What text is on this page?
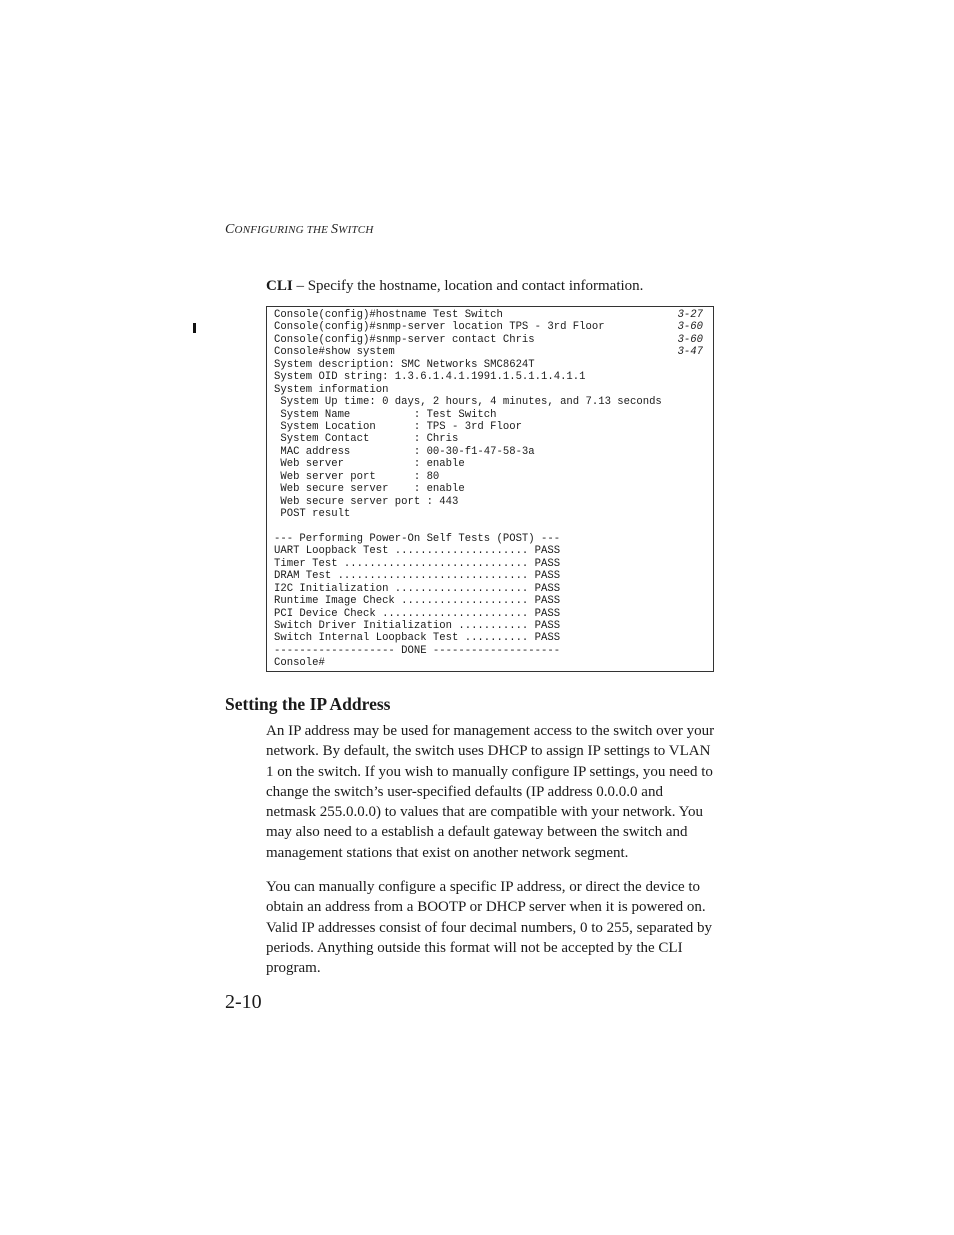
CONFIGURING THE SWITCH

CLI – Specify the hostname, location and contact information.

Console(config)#hostname Test Switch
Console(config)#snmp-server location TPS - 3rd Floor
Console(config)#snmp-server contact Chris
Console#show system
System description: SMC Networks SMC8624T
System OID string: 1.3.6.1.4.1.1991.1.5.1.1.4.1.1
System information
System Up time: 0 days, 2 hours, 4 minutes, and 7.13 seconds
System Name          : Test Switch
System Location      : TPS - 3rd Floor
System Contact       : Chris
MAC address          : 00-30-f1-47-58-3a
Web server           : enable
Web server port      : 80
Web secure server    : enable
Web secure server port : 443
POST result
--- Performing Power-On Self Tests (POST) ---
UART Loopback Test ..................... PASS
Timer Test ............................. PASS
DRAM Test .............................. PASS
I2C Initialization ..................... PASS
Runtime Image Check .................... PASS
PCI Device Check ....................... PASS
Switch Driver Initialization ........... PASS
Switch Internal Loopback Test .......... PASS
------------------- DONE --------------------
Console#
3-27
3-60
3-60
3-47
Setting the IP Address

An IP address may be used for management access to the switch over your network. By default, the switch uses DHCP to assign IP settings to VLAN 1 on the switch. If you wish to manually configure IP settings, you need to change the switch’s user-specified defaults (IP address 0.0.0.0 and netmask 255.0.0.0) to values that are compatible with your network. You may also need to a establish a default gateway between the switch and management stations that exist on another network segment.

You can manually configure a specific IP address, or direct the device to obtain an address from a BOOTP or DHCP server when it is powered on. Valid IP addresses consist of four decimal numbers, 0 to 255, separated by periods. Anything outside this format will not be accepted by the CLI program.

2-10
